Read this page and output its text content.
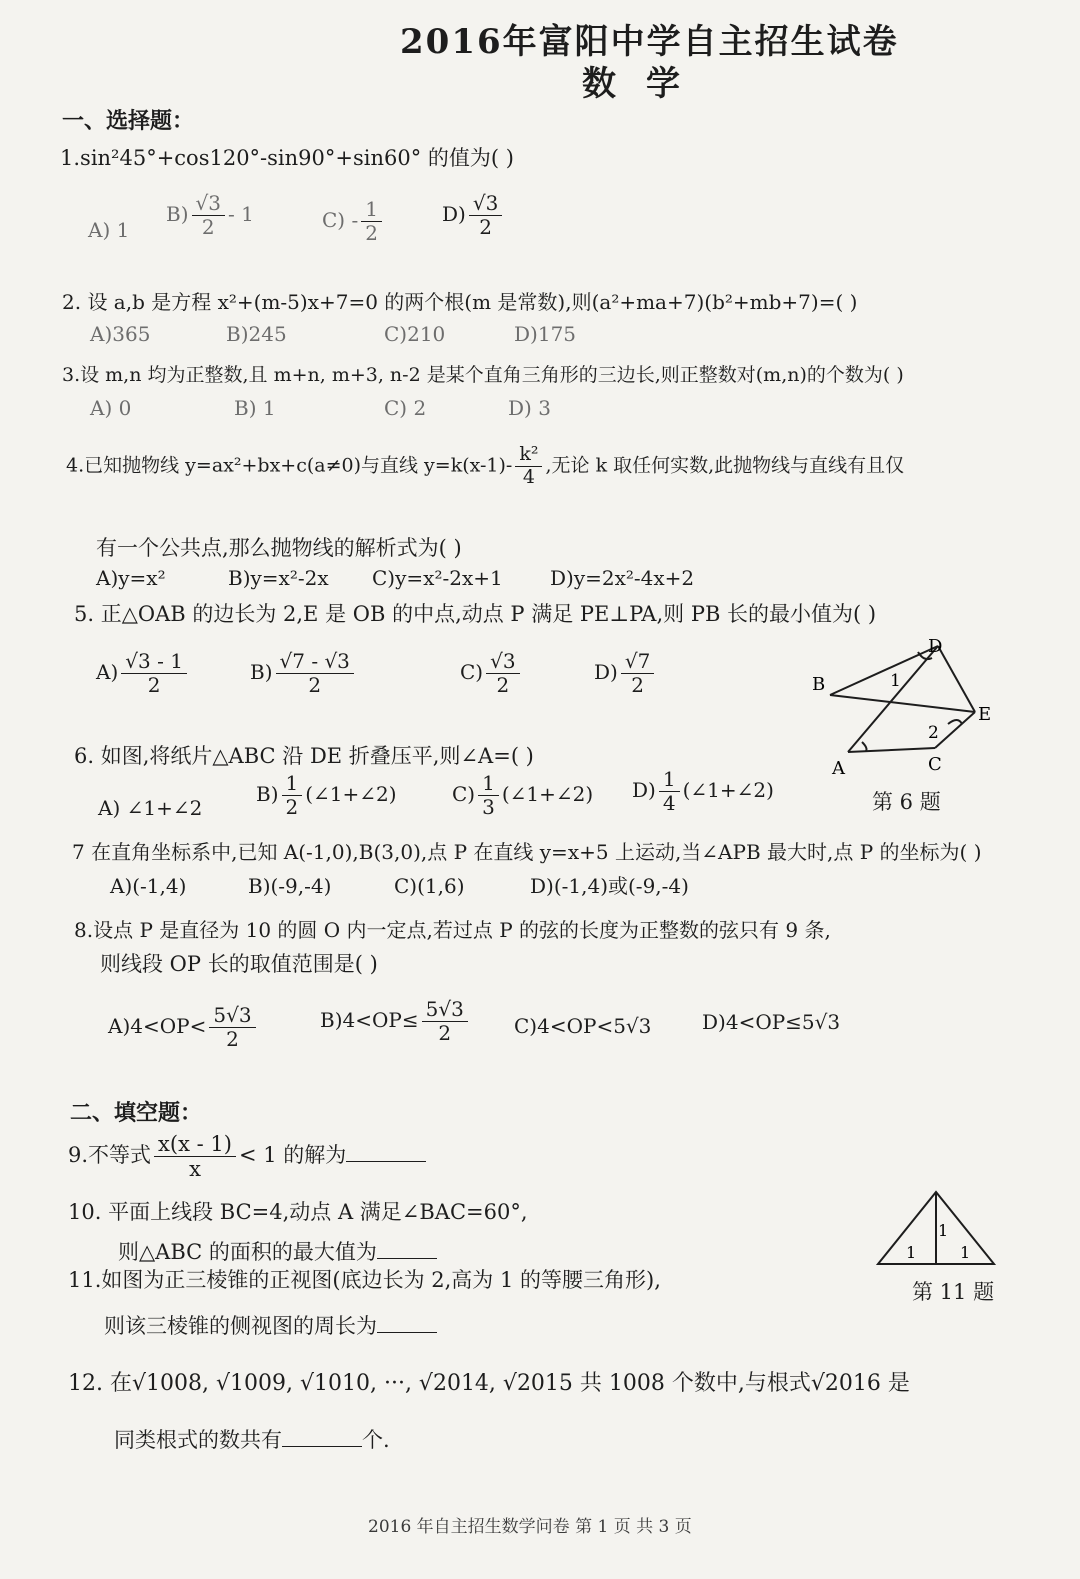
2016年富阳中学自主招生试卷
数学
一、选择题：
1.sin²45°+cos120°-sin90°+sin60° 的值为( )
A) 1
$B) \frac{√3}{2} - 1$	$C) - \frac{1}{2}$	$D) \frac{√3}{2}$
2. 设 a,b 是方程 x²+(m-5)x+7=0 的两个根(m 是常数),则(a²+ma+7)(b²+mb+7)=( )
A)365	B)245	C)210	D)175
3.设 m,n 均为正整数,且 m+n, m+3, n-2 是某个直角三角形的三边长,则正整数对(m,n)的个数为( )
A) 0	B) 1	C) 2	D) 3
4.已知抛物线 y=ax²+bx+c(a≠0)与直线 $y=k(x-1)- \frac{\text{k²}}{4}$ ,无论 k 取任何实数,此抛物线与直线有且仅
有一个公共点,那么抛物线的解析式为( )
A)y=x²	B)y=x²-2x C)y=x²-2x+1 D)y=2x²-4x+2
5. 正△OAB 的边长为 2,E 是 OB 的中点,动点 P 满足 PE⊥PA,则 PB 长的最小值为( )
$A) \frac{√3 - 1}{2}$	$B) \frac{√7 - √3}{2}$	$C) \frac{√3}{2}$	$D) \frac{√7}{2}$	B
D
E
A	C
1
2
第 6 题
6. 如图,将纸片△ABC 沿 DE 折叠压平,则∠A=( )
A) ∠1+∠2
$B) \frac{1}{2}$ (∠1+∠2)	$C) \frac{1}{3}$ (∠1+∠2) $D) \frac{1}{4}$ (∠1+∠2)
7 在直角坐标系中,已知 A(-1,0),B(3,0),点 P 在直线 y=x+5 上运动,当∠APB 最大时,点 P 的坐标为( )
A)(-1,4)	B)(-9,-4)	C)(1,6)	D)(-1,4)或(-9,-4)
8.设点 P 是直径为 10 的圆 O 内一定点,若过点 P 的弦的长度为正整数的弦只有 9 条,
则线段 OP 长的取值范围是( )
$A)4<OP< \frac{5√3}{2}$	$B)4<OP\le \frac{5√3}{2} C)4<OP<5√3$	D)4<OP≤5√3
二、填空题：
9.不等式 $\frac{x(x - 1)}{x} < 1$ 的解为
10. 平面上线段 BC=4,动点 A 满足∠BAC=60°,
则△ABC 的面积的最大值为
1
1	1
第 11 题
11.如图为正三棱锥的正视图(底边长为 2,高为 1 的等腰三角形),
则该三棱锥的侧视图的周长为
12. 在√1008, √1009, √1010, ···, √2014, √2015 共 1008 个数中,与根式√2016 是
同类根式的数共有	个.
2016 年自主招生数学问卷 第 1 页 共 3 页
